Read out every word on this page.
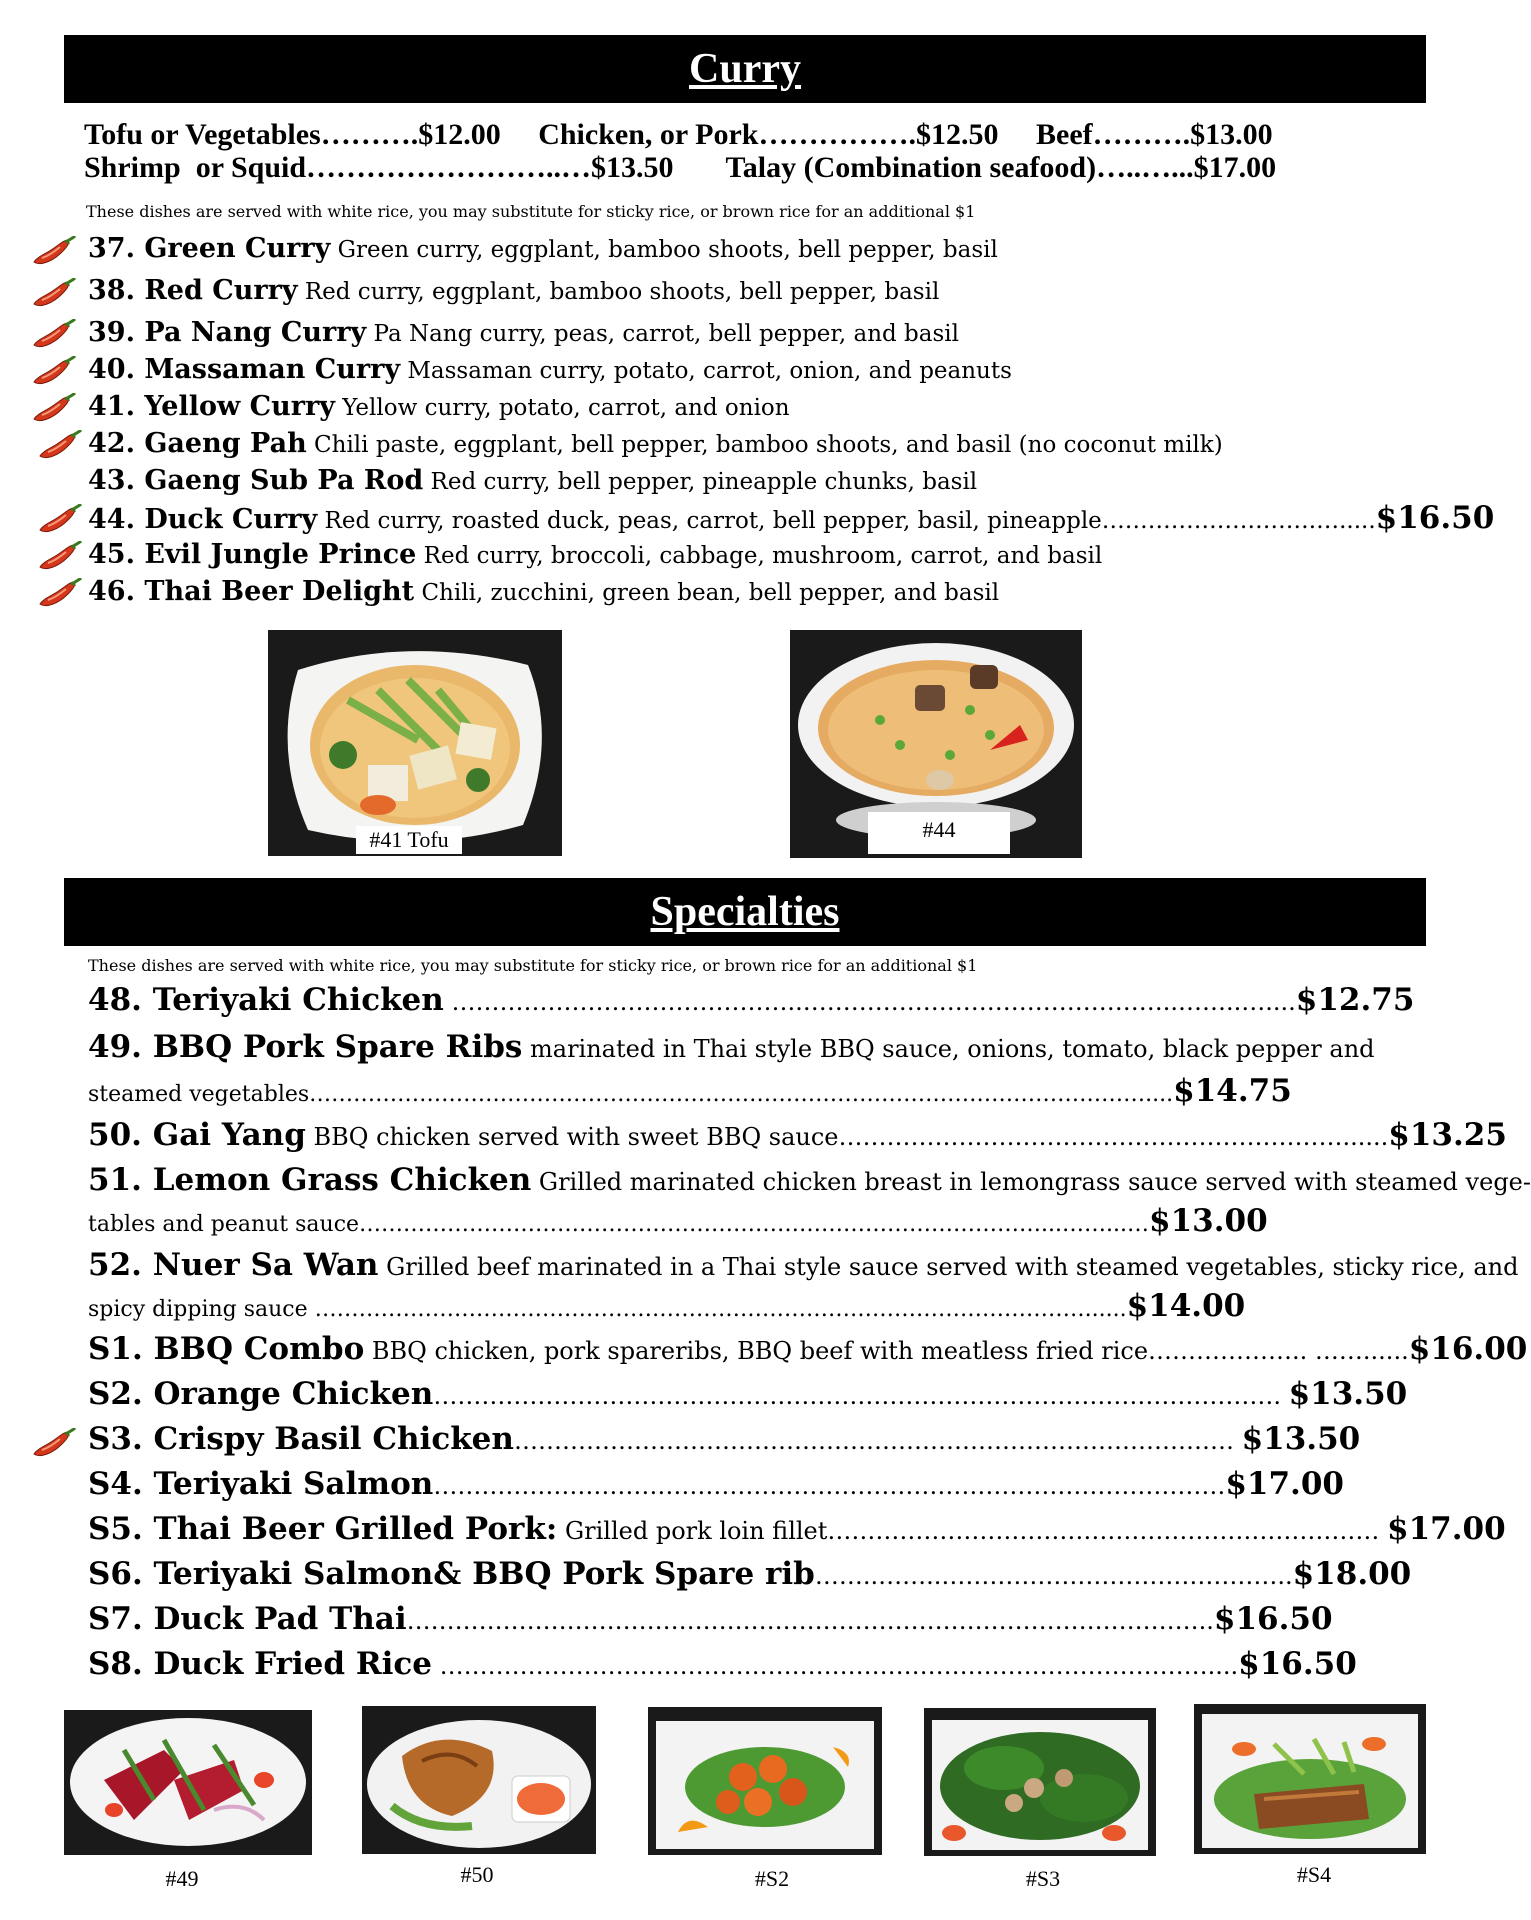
Curry
Tofu or Vegetables……….$12.00     Chicken, or Pork…………….$12.50     Beef……….$13.00
Shrimp  or Squid……………………..…$13.50       Talay (Combination seafood)…..…...$17.00
These dishes are served with white rice, you may substitute for sticky rice, or brown rice for an additional $1
37. Green Curry Green curry, eggplant, bamboo shoots, bell pepper, basil
38. Red Curry Red curry, eggplant, bamboo shoots, bell pepper, basil
39. Pa Nang Curry Pa Nang curry, peas, carrot, bell pepper, and basil
40. Massaman Curry Massaman curry, potato, carrot, onion, and peanuts
41. Yellow Curry Yellow curry, potato, carrot, and onion
42. Gaeng Pah Chili paste, eggplant, bell pepper, bamboo shoots, and basil (no coconut milk)
43. Gaeng Sub Pa Rod Red curry, bell pepper, pineapple chunks, basil
44. Duck Curry Red curry, roasted duck, peas, carrot, bell pepper, basil, pineapple……………………….….....$16.50
45. Evil Jungle Prince Red curry, broccoli, cabbage, mushroom, carrot, and basil
46. Thai Beer Delight Chili, zucchini, green bean, bell pepper, and basil
#41 Tofu	#44
Specialties
These dishes are served with white rice, you may substitute for sticky rice, or brown rice for an additional $1
48. Teriyaki Chicken ……………………………………..………………………………………..……..…....$12.75
49. BBQ Pork Spare Ribs marinated in Thai style BBQ sauce, onions, tomato, black pepper and
steamed vegetables……………………………………………………………………………………………………....$14.75
50. Gai Yang BBQ chicken served with sweet BBQ sauce………………………………………………………......$13.25
51. Lemon Grass Chicken Grilled marinated chicken breast in lemongrass sauce served with steamed vege-
tables and peanut sauce…………………………………………………………………………………...……...…$13.00
52. Nuer Sa Wan Grilled beef marinated in a Thai style sauce served with steamed vegetables, sticky rice, and
spicy dipping sauce ……………………………………………………………………………………………......$14.00
S1. BBQ Combo BBQ chicken, pork spareribs, BBQ beef with meatless fried rice……………….. ……......$16.00
S2. Orange Chicken……………………………………………………………………………………………. $13.50
S3. Crispy Basil Chicken……………………………………………………………………………… $13.50
S4. Teriyaki Salmon………………………………………………………………………………………$17.00
S5. Thai Beer Grilled Pork: Grilled pork loin fillet…………………………………………………………… $17.00
S6. Teriyaki Salmon& BBQ Pork Spare rib……..……..……………………………………..$18.00
S7. Duck Pad Thai………………………………………………………………………………………..$16.50
S8. Duck Fried Rice ……………………………………………………………………………………....$16.50
#49	#50	#S2	#S3	#S4
